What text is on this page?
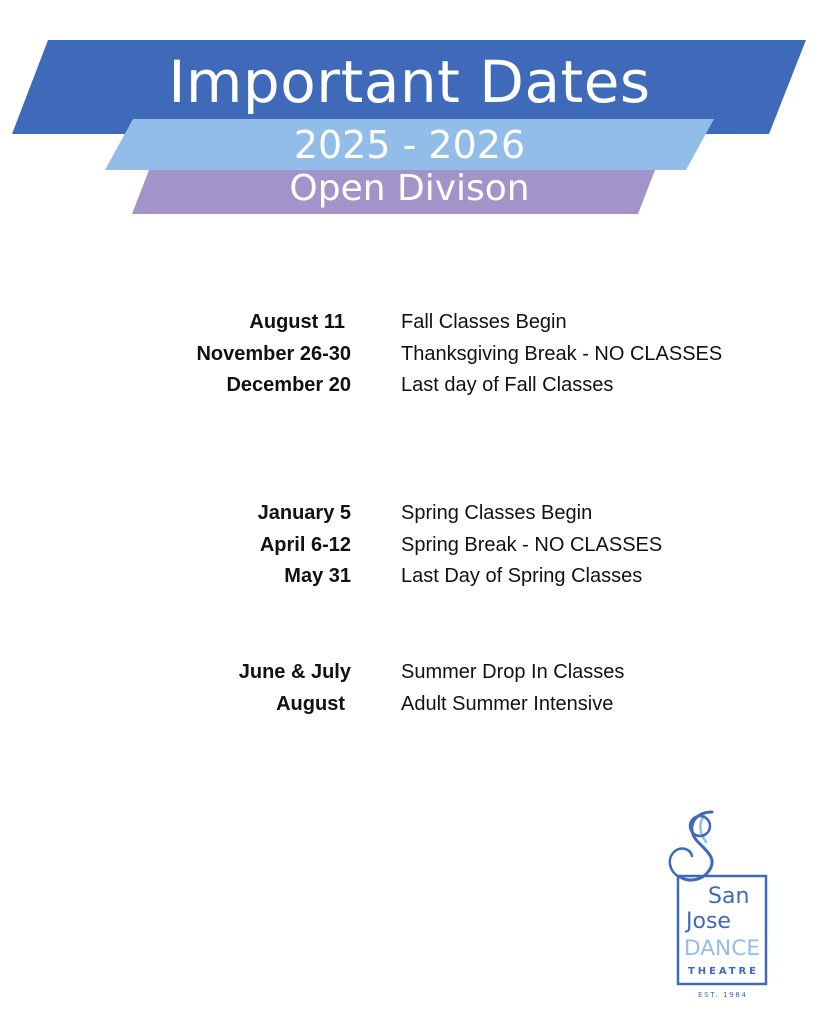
Important Dates
2025 - 2026
Open Divison
August 11	Fall Classes Begin
November 26-30	Thanksgiving Break - NO CLASSES
December 20	Last day of Fall Classes
January 5	Spring Classes Begin
April 6-12	Spring Break - NO CLASSES
May 31	Last Day of Spring Classes
June & July	Summer Drop In Classes
August	Adult Summer Intensive
San
Jose
DANCE
THEATRE
EST. 1984
